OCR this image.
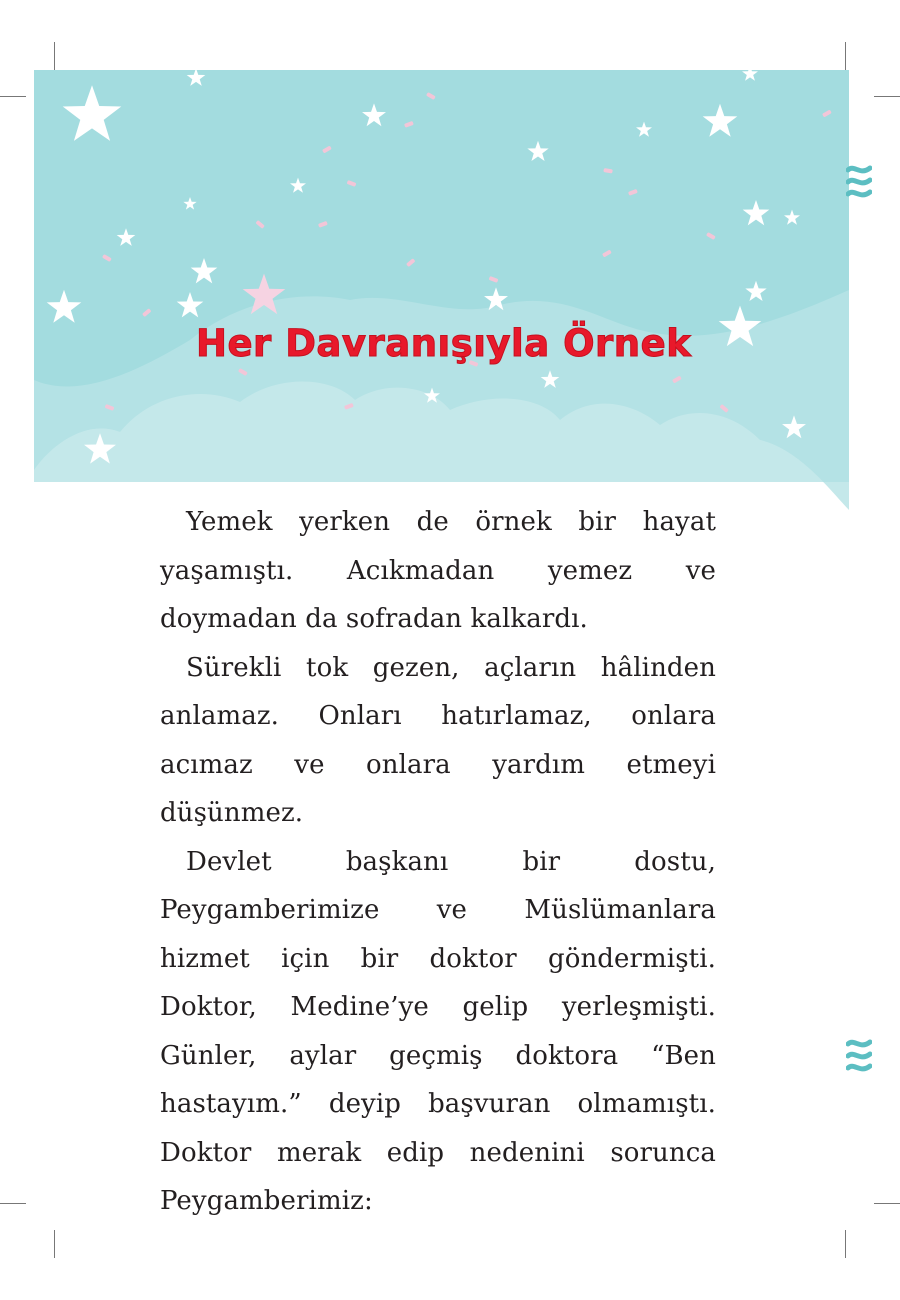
Her Davranışıyla Örnek

Yemek yerken de örnek bir hayat yaşamıştı. Acıkmadan yemez ve doymadan da sofradan kalkardı.

Sürekli tok gezen, açların hâlinden anlamaz. Onları hatırlamaz, onlara acımaz ve onlara yardım etmeyi düşünmez.

Devlet başkanı bir dostu, Peygamberimize ve Müslümanlara hizmet için bir doktor göndermişti. Doktor, Medine’ye gelip yerleşmişti. Günler, aylar geçmiş doktora “Ben hastayım.” deyip başvuran olmamıştı. Doktor merak edip nedenini sorunca Peygamberimiz:
